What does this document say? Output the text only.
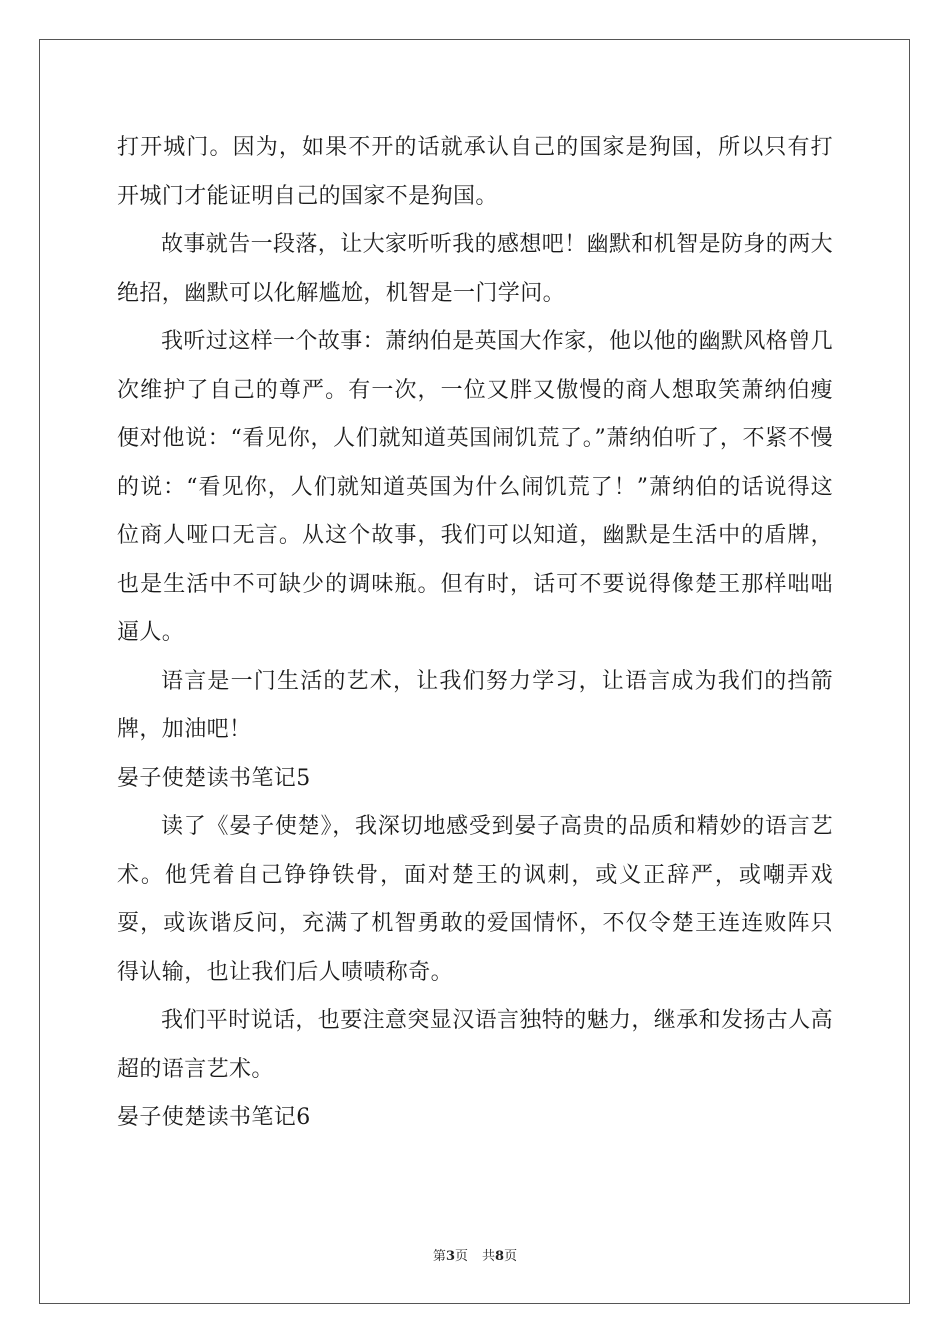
打开城门。因为，如果不开的话就承认自己的国家是狗国，所以只有打开城门才能证明自己的国家不是狗国。

故事就告一段落，让大家听听我的感想吧！幽默和机智是防身的两大绝招，幽默可以化解尴尬，机智是一门学问。

我听过这样一个故事：萧纳伯是英国大作家，他以他的幽默风格曾几次维护了自己的尊严。有一次，一位又胖又傲慢的商人想取笑萧纳伯瘦便对他说：“看见你，人们就知道英国闹饥荒了。”萧纳伯听了，不紧不慢的说：“看见你，人们就知道英国为什么闹饥荒了！”萧纳伯的话说得这位商人哑口无言。从这个故事，我们可以知道，幽默是生活中的盾牌，也是生活中不可缺少的调味瓶。但有时，话可不要说得像楚王那样咄咄逼人。

语言是一门生活的艺术，让我们努力学习，让语言成为我们的挡箭牌，加油吧！

晏子使楚读书笔记5

读了《晏子使楚》，我深切地感受到晏子高贵的品质和精妙的语言艺术。他凭着自己铮铮铁骨，面对楚王的讽刺，或义正辞严，或嘲弄戏耍，或诙谐反问，充满了机智勇敢的爱国情怀，不仅令楚王连连败阵只得认输，也让我们后人啧啧称奇。

我们平时说话，也要注意突显汉语言独特的魅力，继承和发扬古人高超的语言艺术。

晏子使楚读书笔记6

第3页 共8页
